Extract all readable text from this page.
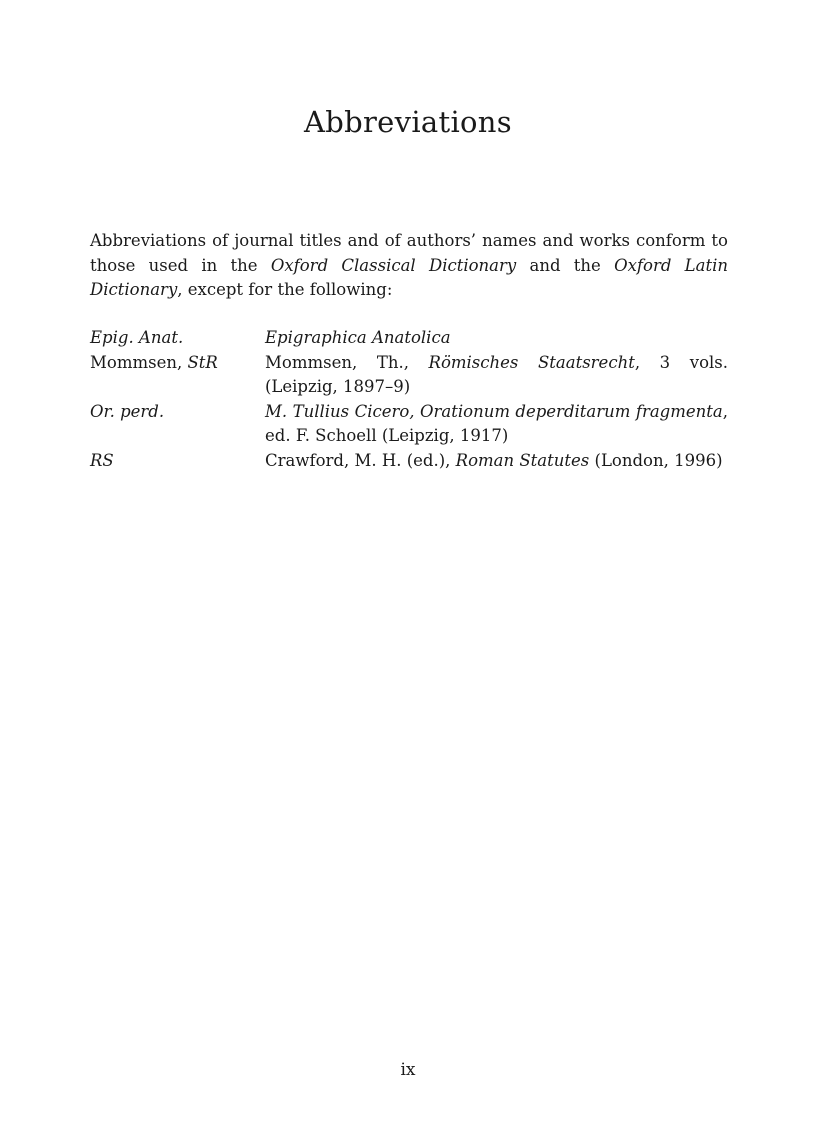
Abbreviations

Abbreviations of journal titles and of authors’ names and works conform to those used in the Oxford Classical Dictionary and the Oxford Latin Dictionary, except for the following:

Epig. Anat.	Epigraphica Anatolica
Mommsen, StR	Mommsen, Th., Römisches Staatsrecht, 3 vols. (Leipzig, 1897–9)
Or. perd.	M. Tullius Cicero, Orationum deperditarum fragmenta, ed. F. Schoell (Leipzig, 1917)
RS	Crawford, M. H. (ed.), Roman Statutes (London, 1996)
ix
